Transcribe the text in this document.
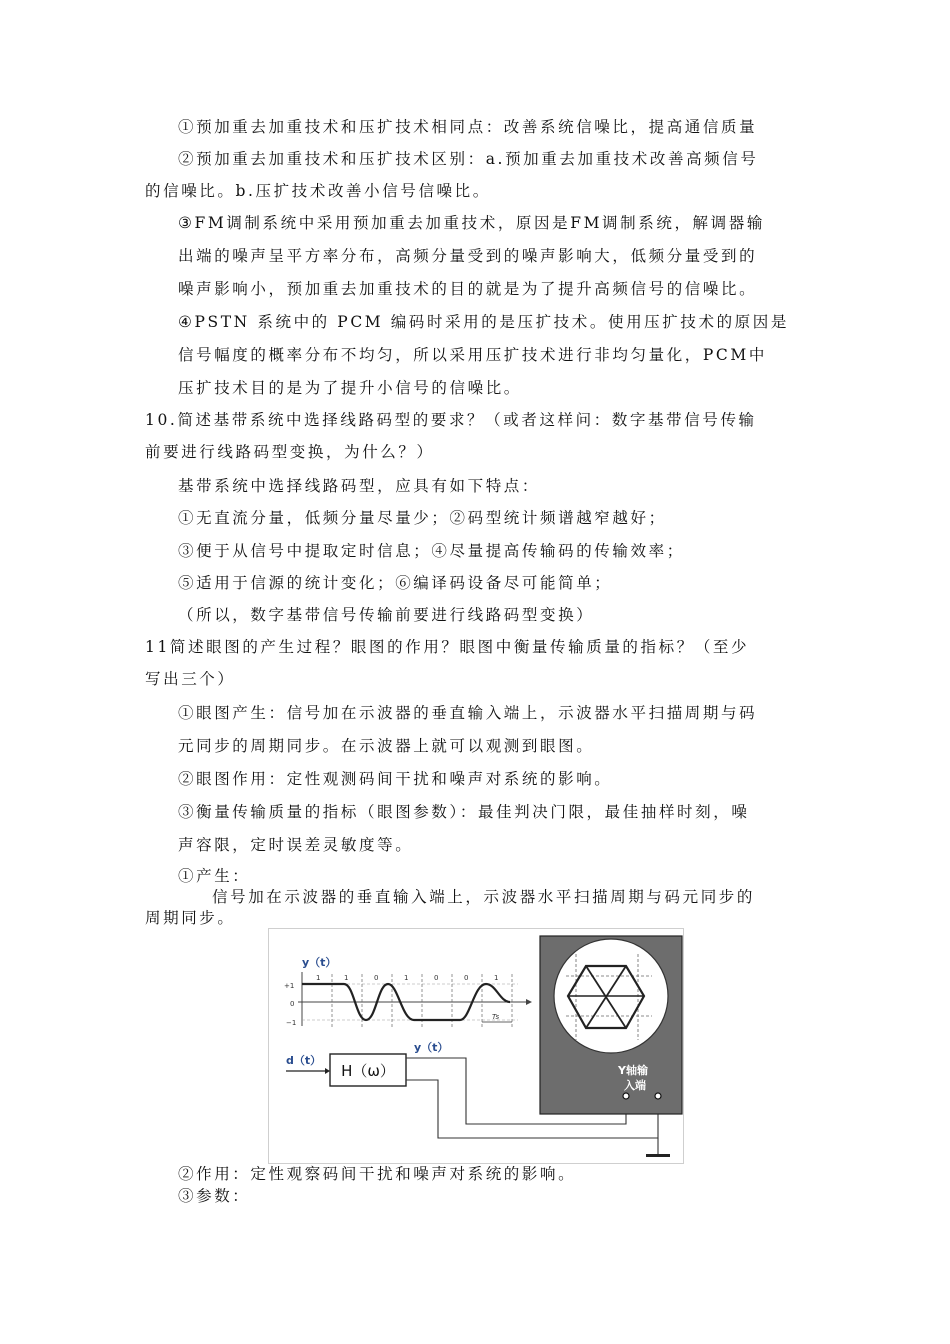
①预加重去加重技术和压扩技术相同点：改善系统信噪比，提高通信质量
②预加重去加重技术和压扩技术区别：a.预加重去加重技术改善高频信号
的信噪比。b.压扩技术改善小信号信噪比。
③FM调制系统中采用预加重去加重技术，原因是FM调制系统，解调器输
出端的噪声呈平方率分布，高频分量受到的噪声影响大，低频分量受到的
噪声影响小，预加重去加重技术的目的就是为了提升高频信号的信噪比。
④PSTN 系统中的 PCM 编码时采用的是压扩技术。使用压扩技术的原因是
信号幅度的概率分布不均匀，所以采用压扩技术进行非均匀量化，PCM中
压扩技术目的是为了提升小信号的信噪比。
10.简述基带系统中选择线路码型的要求？（或者这样问：数字基带信号传输
前要进行线路码型变换，为什么？）
基带系统中选择线路码型，应具有如下特点：
①无直流分量，低频分量尽量少；②码型统计频谱越窄越好；
③便于从信号中提取定时信息；④尽量提高传输码的传输效率；
⑤适用于信源的统计变化；⑥编译码设备尽可能简单；
（所以，数字基带信号传输前要进行线路码型变换）
11简述眼图的产生过程？眼图的作用？眼图中衡量传输质量的指标？（至少
写出三个）
①眼图产生：信号加在示波器的垂直输入端上，示波器水平扫描周期与码
元同步的周期同步。在示波器上就可以观测到眼图。
②眼图作用：定性观测码间干扰和噪声对系统的影响。
③衡量传输质量的指标（眼图参数）：最佳判决门限，最佳抽样时刻，噪
声容限，定时误差灵敏度等。
①产生：
信号加在示波器的垂直输入端上，示波器水平扫描周期与码元同步的
周期同步。
y（t）
+1
0
−1
1	1	0	1	0	0	1
Ts
d（t）
H（ω）
y（t）
Y轴输
入端
②作用：定性观察码间干扰和噪声对系统的影响。
③参数：
